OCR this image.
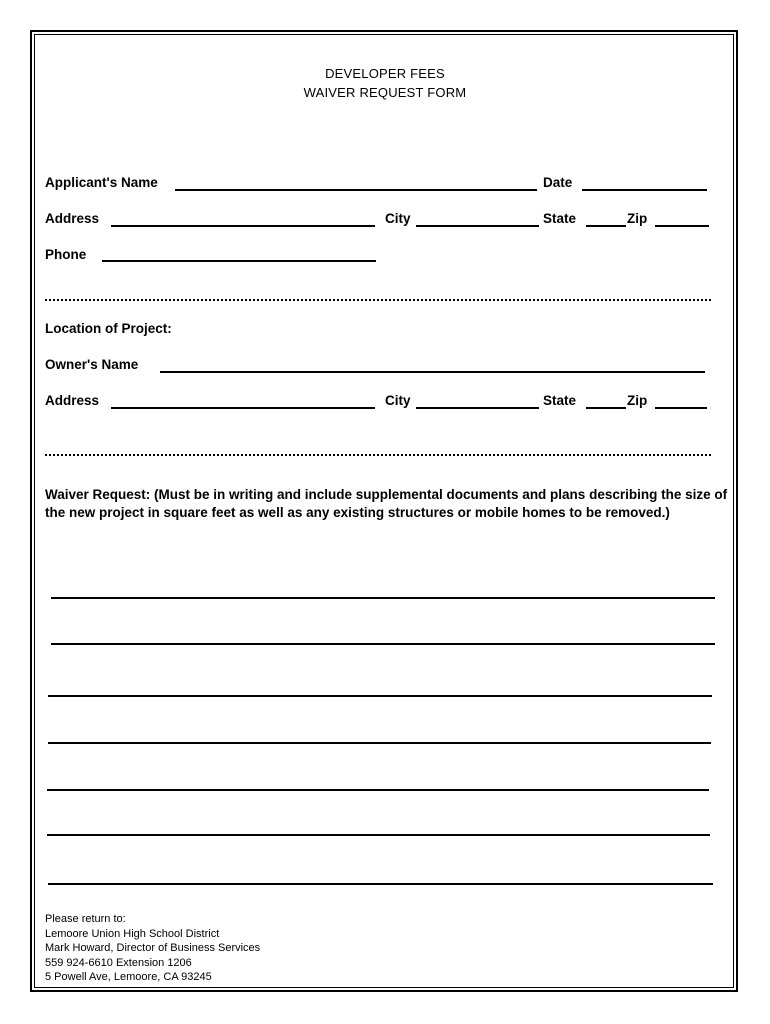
DEVELOPER FEES
WAIVER REQUEST FORM
Applicant's Name	Date
Address	City	State	Zip
Phone
Location of Project:
Owner's Name
Address	City	State	Zip
Waiver Request: (Must be in writing and include supplemental documents and plans describing the size of the new project in square feet as well as any existing structures or mobile homes to be removed.)
Please return to:
Lemoore Union High School District
Mark Howard, Director of Business Services
559 924-6610 Extension 1206
5 Powell Ave, Lemoore, CA 93245
